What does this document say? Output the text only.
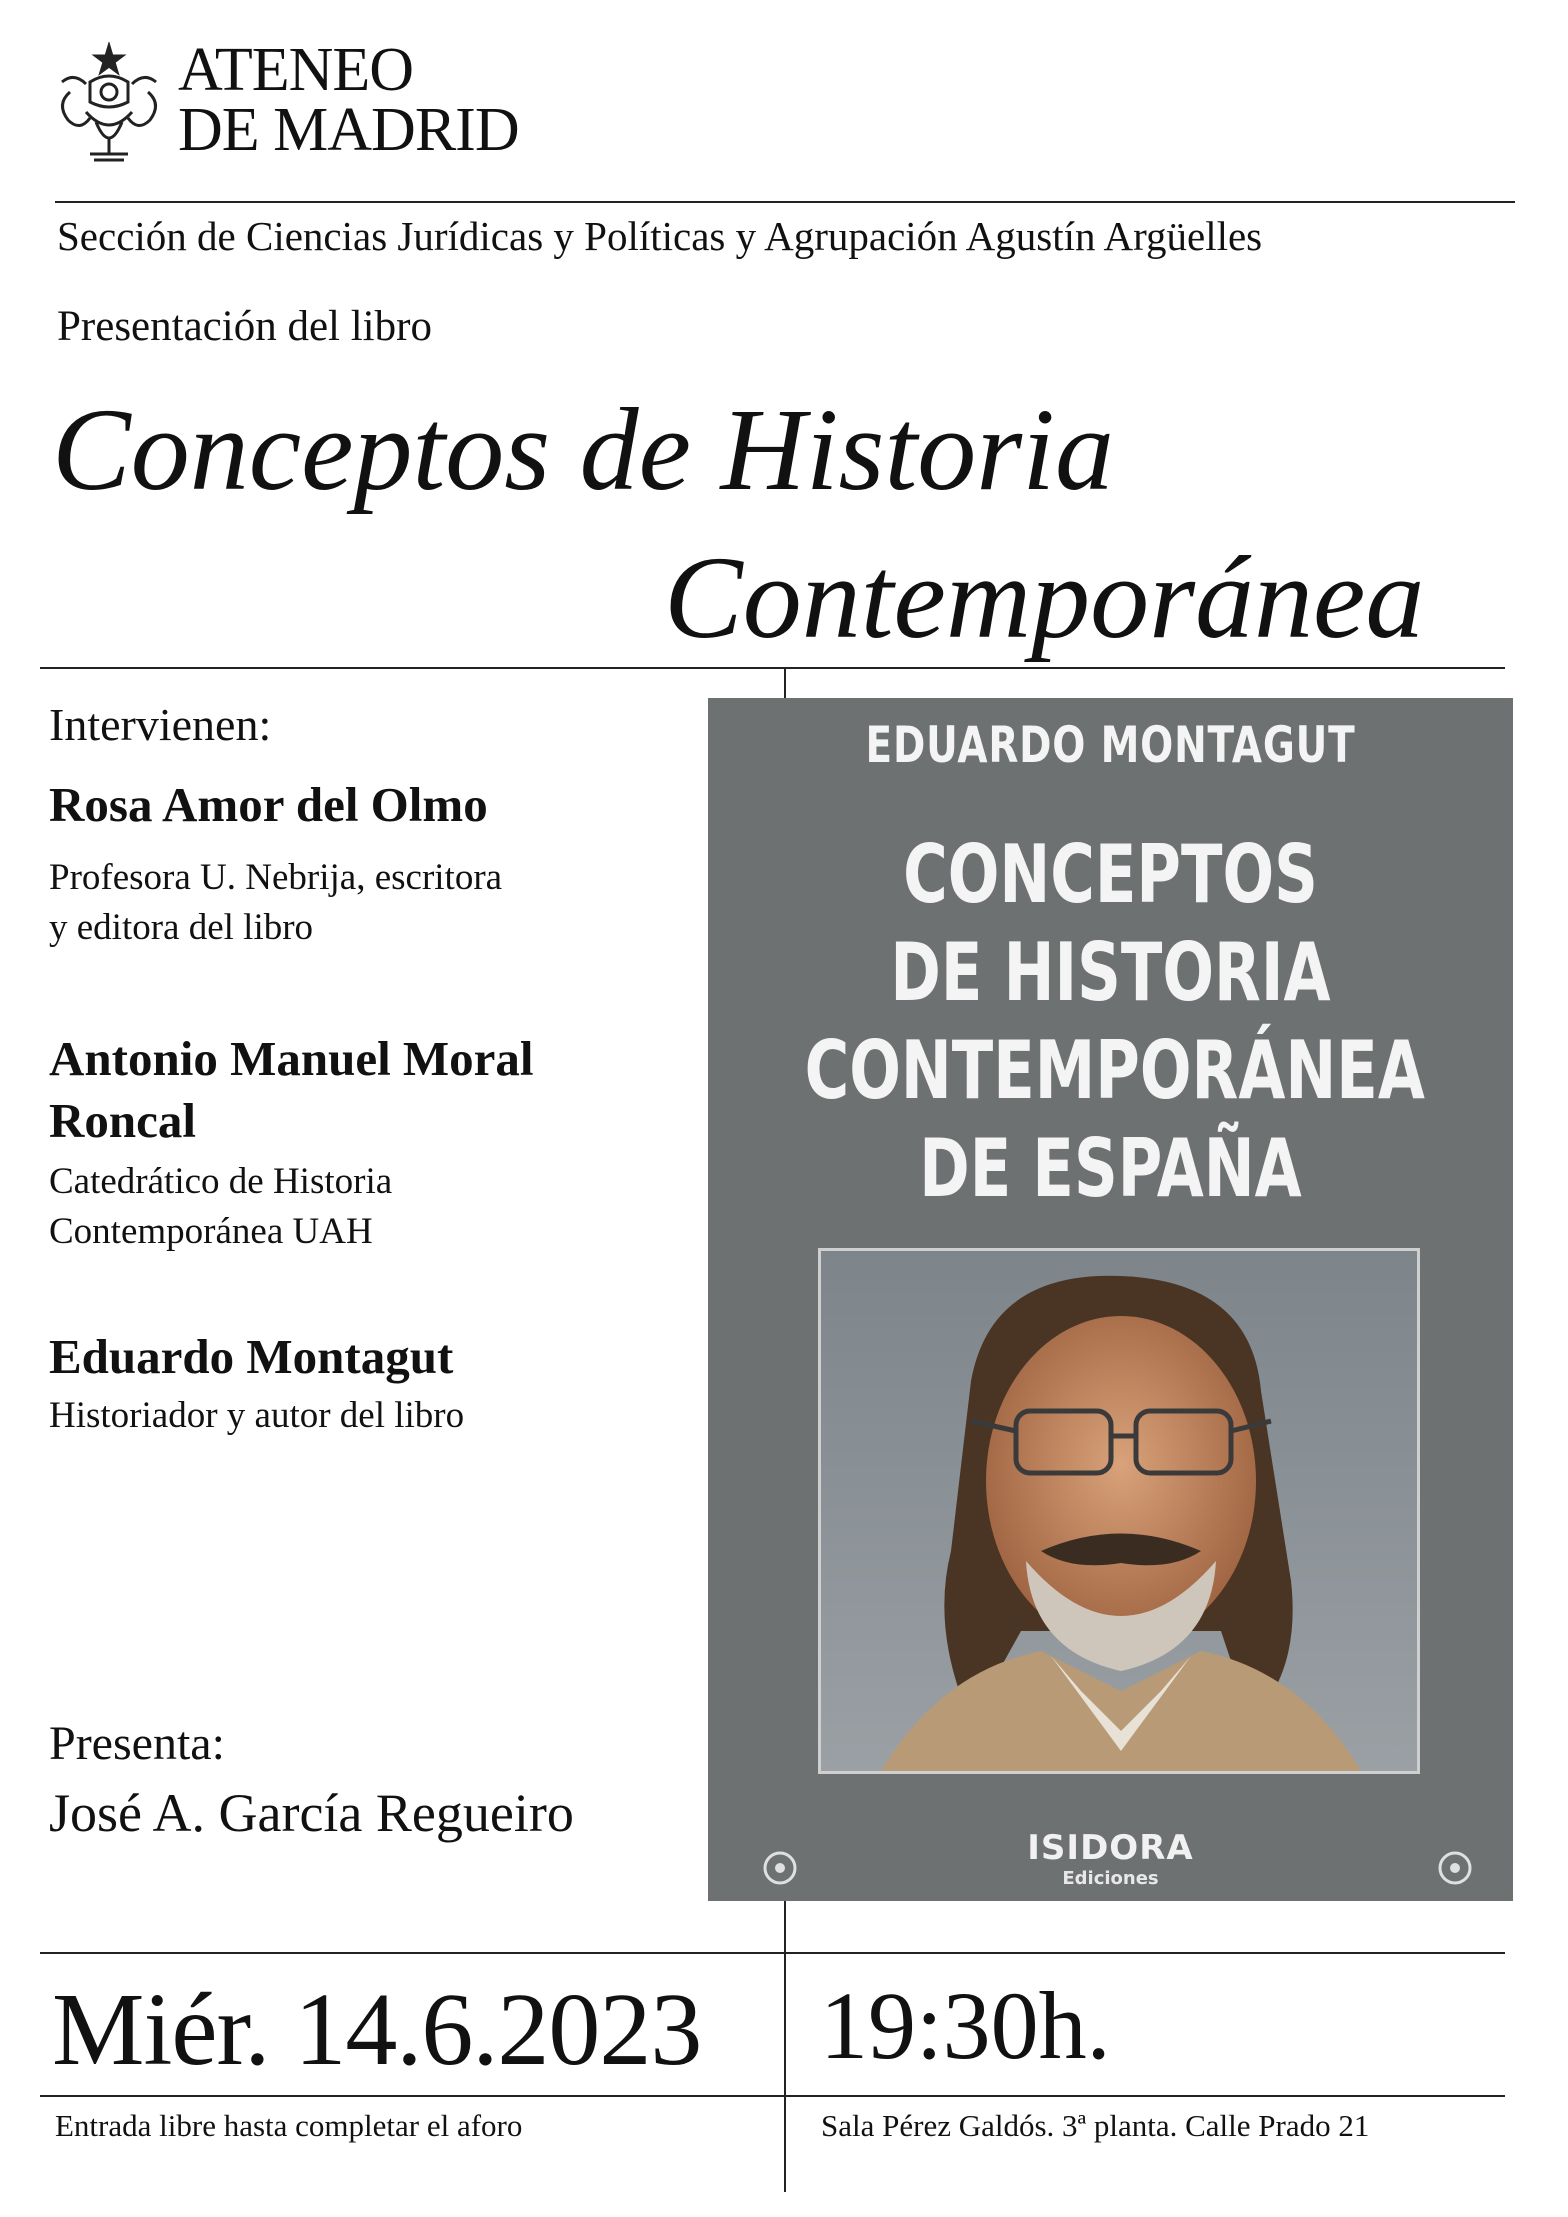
ATENEO
DE MADRID
Sección de Ciencias Jurídicas y Políticas y Agrupación Agustín Argüelles
Presentación del libro
Conceptos de Historia
Contemporánea
Intervienen:
Rosa Amor del Olmo
Profesora U. Nebrija, escritora
y editora del libro
Antonio Manuel Moral
Roncal
Catedrático de Historia
Contemporánea UAH
Eduardo Montagut
Historiador y autor del libro
EDUARDO MONTAGUT
CONCEPTOS
DE HISTORIA
CONTEMPORÁNEA
DE ESPAÑA
ISIDORA
Ediciones
Presenta:
José A. García Regueiro
Miér. 14.6.2023 19:30h.
Entrada libre hasta completar el aforo	Sala Pérez Galdós. 3ª planta. Calle Prado 21
